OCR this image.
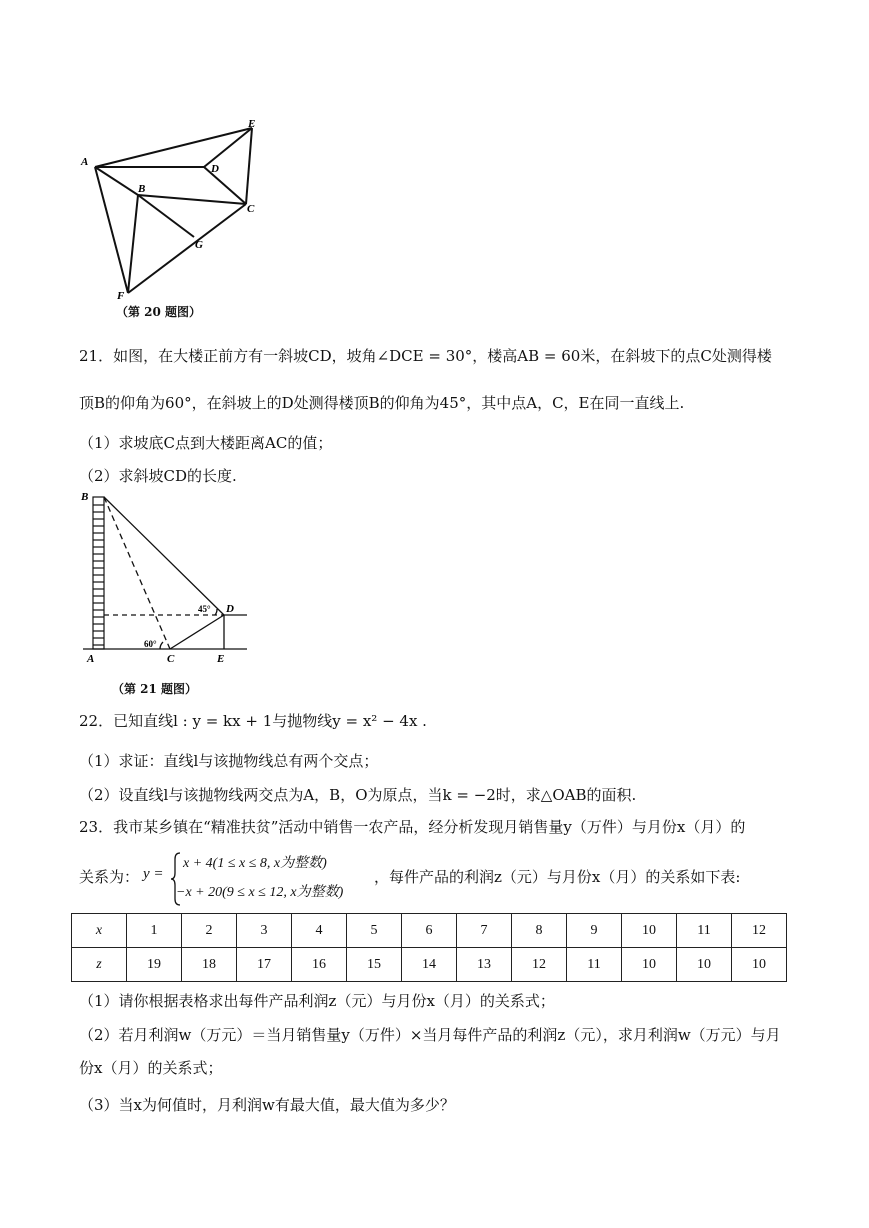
A
B
C
D
E
F
G
（第 20 题图）
21．如图，在大楼正前方有一斜坡CD，坡角∠DCE = 30°，楼高AB = 60米，在斜坡下的点C处测得楼
顶B的仰角为60°，在斜坡上的D处测得楼顶B的仰角为45°，其中点A，C，E在同一直线上.
（1）求坡底C点到大楼距离AC的值；
（2）求斜坡CD的长度.
B
D
A	C	E
45°
60°
（第 21 题图）
22．已知直线l : y = kx + 1与抛物线y = x² − 4x .
（1）求证：直线l与该抛物线总有两个交点；
（2）设直线l与该抛物线两交点为A，B，O为原点，当k = −2时，求△OAB的面积.
23．我市某乡镇在“精准扶贫”活动中销售一农产品，经分析发现月销售量y（万件）与月份x（月）的
关系为： y =
x + 4(1 ≤ x ≤ 8, x为整数)
−x + 20(9 ≤ x ≤ 12, x为整数)
，每件产品的利润z（元）与月份x（月）的关系如下表:
x	1	2	3	4	5	6	7	8	9	10	11	12
z	19	18	17	16	15	14	13	12	11	10	10	10
（1）请你根据表格求出每件产品利润z（元）与月份x（月）的关系式；
（2）若月利润w（万元）＝当月销售量y（万件）×当月每件产品的利润z（元），求月利润w（万元）与月
份x（月）的关系式；
（3）当x为何值时，月利润w有最大值，最大值为多少？
